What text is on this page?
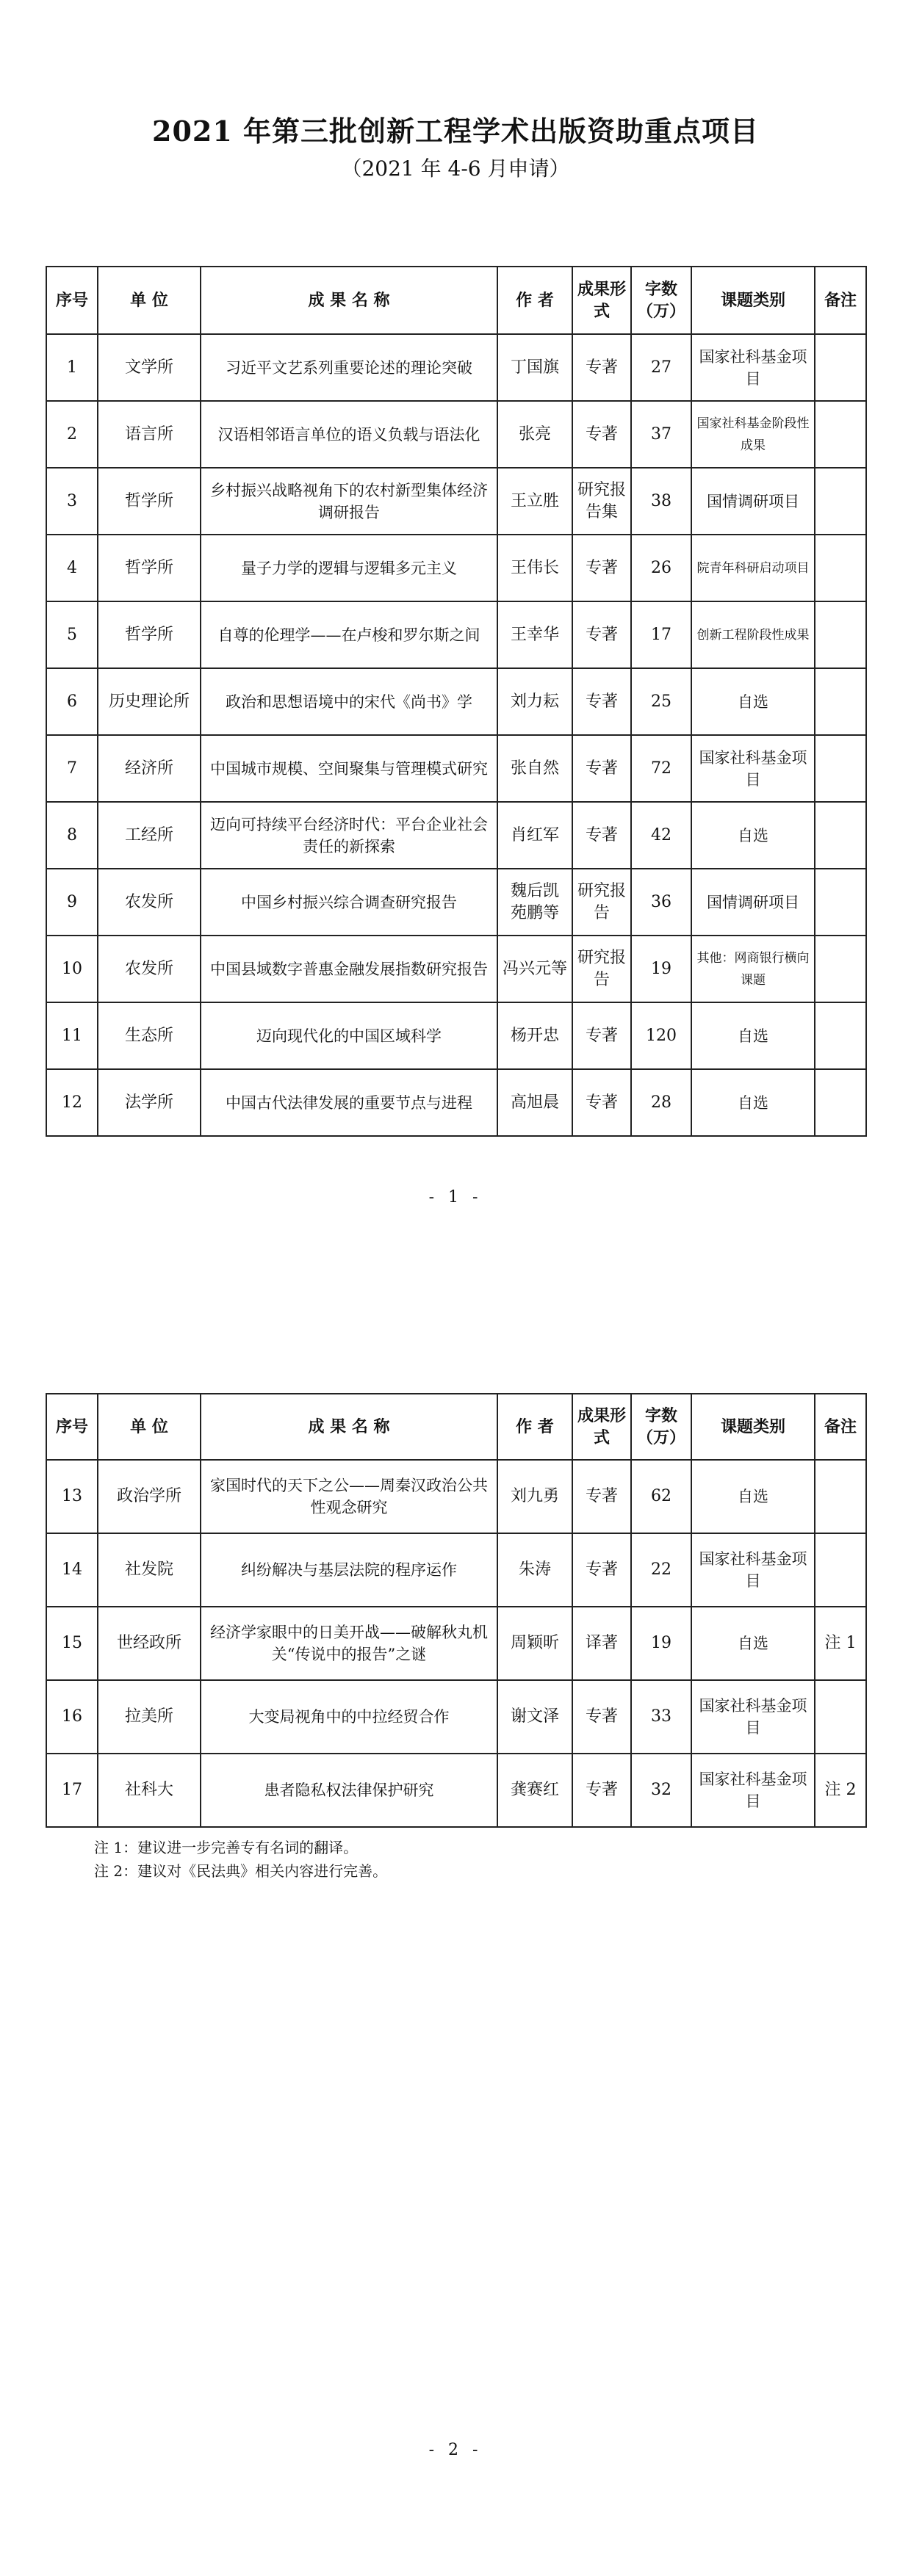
2021 年第三批创新工程学术出版资助重点项目
（2021 年 4-6 月申请）
序号	单 位	成 果 名 称	作 者	成果形式	字数（万）	课题类别	备注
1	文学所	习近平文艺系列重要论述的理论突破	丁国旗	专著	27	国家社科基金项目	
2	语言所	汉语相邻语言单位的语义负载与语法化	张亮	专著	37	国家社科基金阶段性成果	
3	哲学所	乡村振兴战略视角下的农村新型集体经济调研报告	王立胜	研究报告集	38	国情调研项目	
4	哲学所	量子力学的逻辑与逻辑多元主义	王伟长	专著	26	院青年科研启动项目	
5	哲学所	自尊的伦理学——在卢梭和罗尔斯之间	王幸华	专著	17	创新工程阶段性成果	
6	历史理论所	政治和思想语境中的宋代《尚书》学	刘力耘	专著	25	自选	
7	经济所	中国城市规模、空间聚集与管理模式研究	张自然	专著	72	国家社科基金项目	
8	工经所	迈向可持续平台经济时代：平台企业社会责任的新探索	肖红军	专著	42	自选	
9	农发所	中国乡村振兴综合调查研究报告	魏后凯 苑鹏等	研究报告	36	国情调研项目	
10	农发所	中国县域数字普惠金融发展指数研究报告	冯兴元等	研究报告	19	其他：网商银行横向课题	
11	生态所	迈向现代化的中国区域科学	杨开忠	专著	120	自选	
12	法学所	中国古代法律发展的重要节点与进程	高旭晨	专著	28	自选	
- 1 -
序号	单 位	成 果 名 称	作 者	成果形式	字数（万）	课题类别	备注
13	政治学所	家国时代的天下之公——周秦汉政治公共性观念研究	刘九勇	专著	62	自选	
14	社发院	纠纷解决与基层法院的程序运作	朱涛	专著	22	国家社科基金项目	
15	世经政所	经济学家眼中的日美开战——破解秋丸机关“传说中的报告”之谜	周颖昕	译著	19	自选	注 1
16	拉美所	大变局视角中的中拉经贸合作	谢文泽	专著	33	国家社科基金项目	
17	社科大	患者隐私权法律保护研究	龚赛红	专著	32	国家社科基金项目	注 2
注 1：建议进一步完善专有名词的翻译。
注 2：建议对《民法典》相关内容进行完善。
- 2 -
